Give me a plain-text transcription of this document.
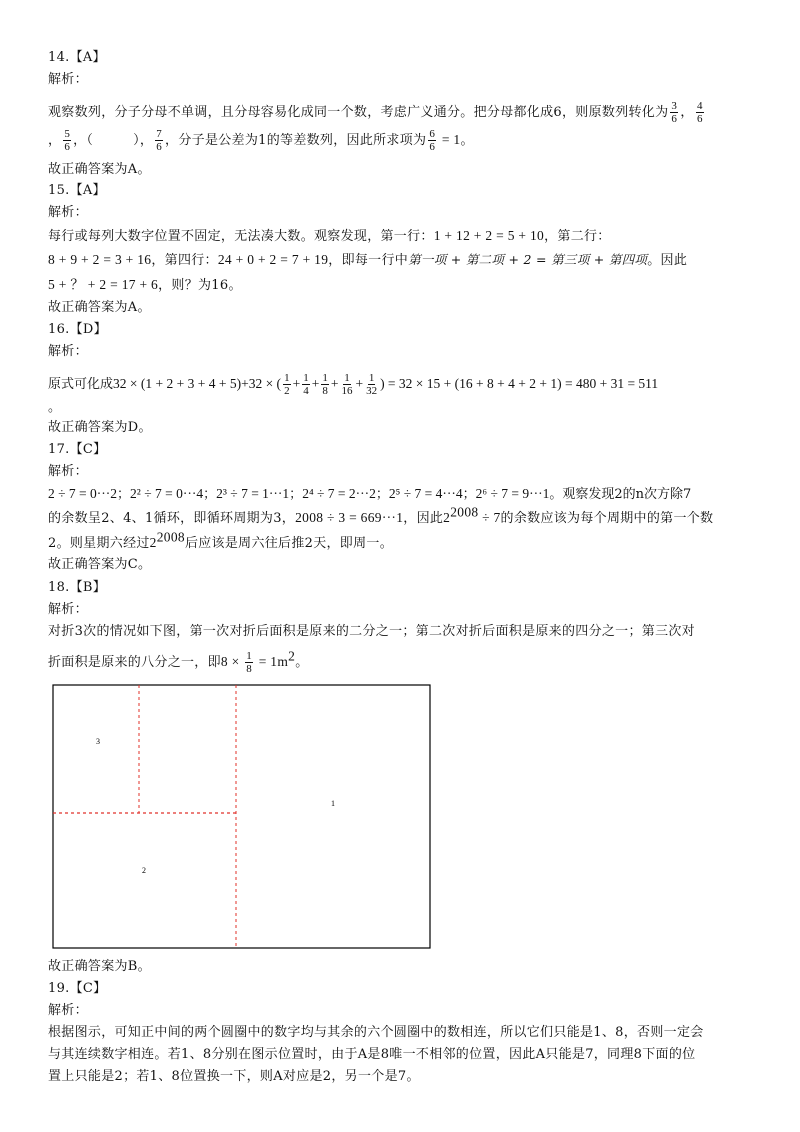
14.【A】
解析：
观察数列，分子分母不单调，且分母容易化成同一个数，考虑广义通分。把分母都化成6，则原数列转化为 $\frac{3}{6}$ ， $\frac{4}{6}$
， $\frac{5}{6}$ ，（　　　）， $\frac{7}{6}$ ，分子是公差为1的等差数列，因此所求项为 $\frac{6}{6} = 1$。
故正确答案为A。
15.【A】
解析：
每行或每列大数字位置不固定，无法凑大数。观察发现，第一行：1 + 12 + 2 = 5 + 10，第二行：
8 + 9 + 2 = 3 + 16，第四行：24 + 0 + 2 = 7 + 19，即每一行中第一项 + 第二项 + 2 = 第三项 + 第四项。因此
5 + ？ + 2 = 17 + 6，则？为16。
故正确答案为A。
16.【D】
解析：
原式可化成32 × (1 + 2 + 3 + 4 + 5)+32 × ( $\frac{1}{2} + \frac{1}{4} + \frac{1}{8} + \frac{1}{16} + \frac{1}{32}$ ) = 32 × 15 + (16 + 8 + 4 + 2 + 1) = 480 + 31 = 511
。
故正确答案为D。
17.【C】
解析：
2 ÷ 7 = 0···2；2² ÷ 7 = 0···4；2³ ÷ 7 = 1···1；2⁴ ÷ 7 = 2···2；2⁵ ÷ 7 = 4···4；2⁶ ÷ 7 = 9···1。观察发现2的n次方除7
的余数呈2、4、1循环，即循环周期为3，2008 ÷ 3 = 669···1，因此$2^{2008} \div 7$的余数应该为每个周期中的第一个数
2。则星期六经过$2^{2008}$后应该是周六往后推2天，即周一。
故正确答案为C。
18.【B】
解析：
对折3次的情况如下图，第一次对折后面积是原来的二分之一；第二次对折后面积是原来的四分之一；第三次对
折面积是原来的八分之一，即$8 \times \frac{1}{8} = 1m^2$。
3
1
2
故正确答案为B。
19.【C】
解析：
根据图示，可知正中间的两个圆圈中的数字均与其余的六个圆圈中的数相连，所以它们只能是1、8，否则一定会
与其连续数字相连。若1、8分别在图示位置时，由于A是8唯一不相邻的位置，因此A只能是7，同理8下面的位
置上只能是2；若1、8位置换一下，则A对应是2，另一个是7。
